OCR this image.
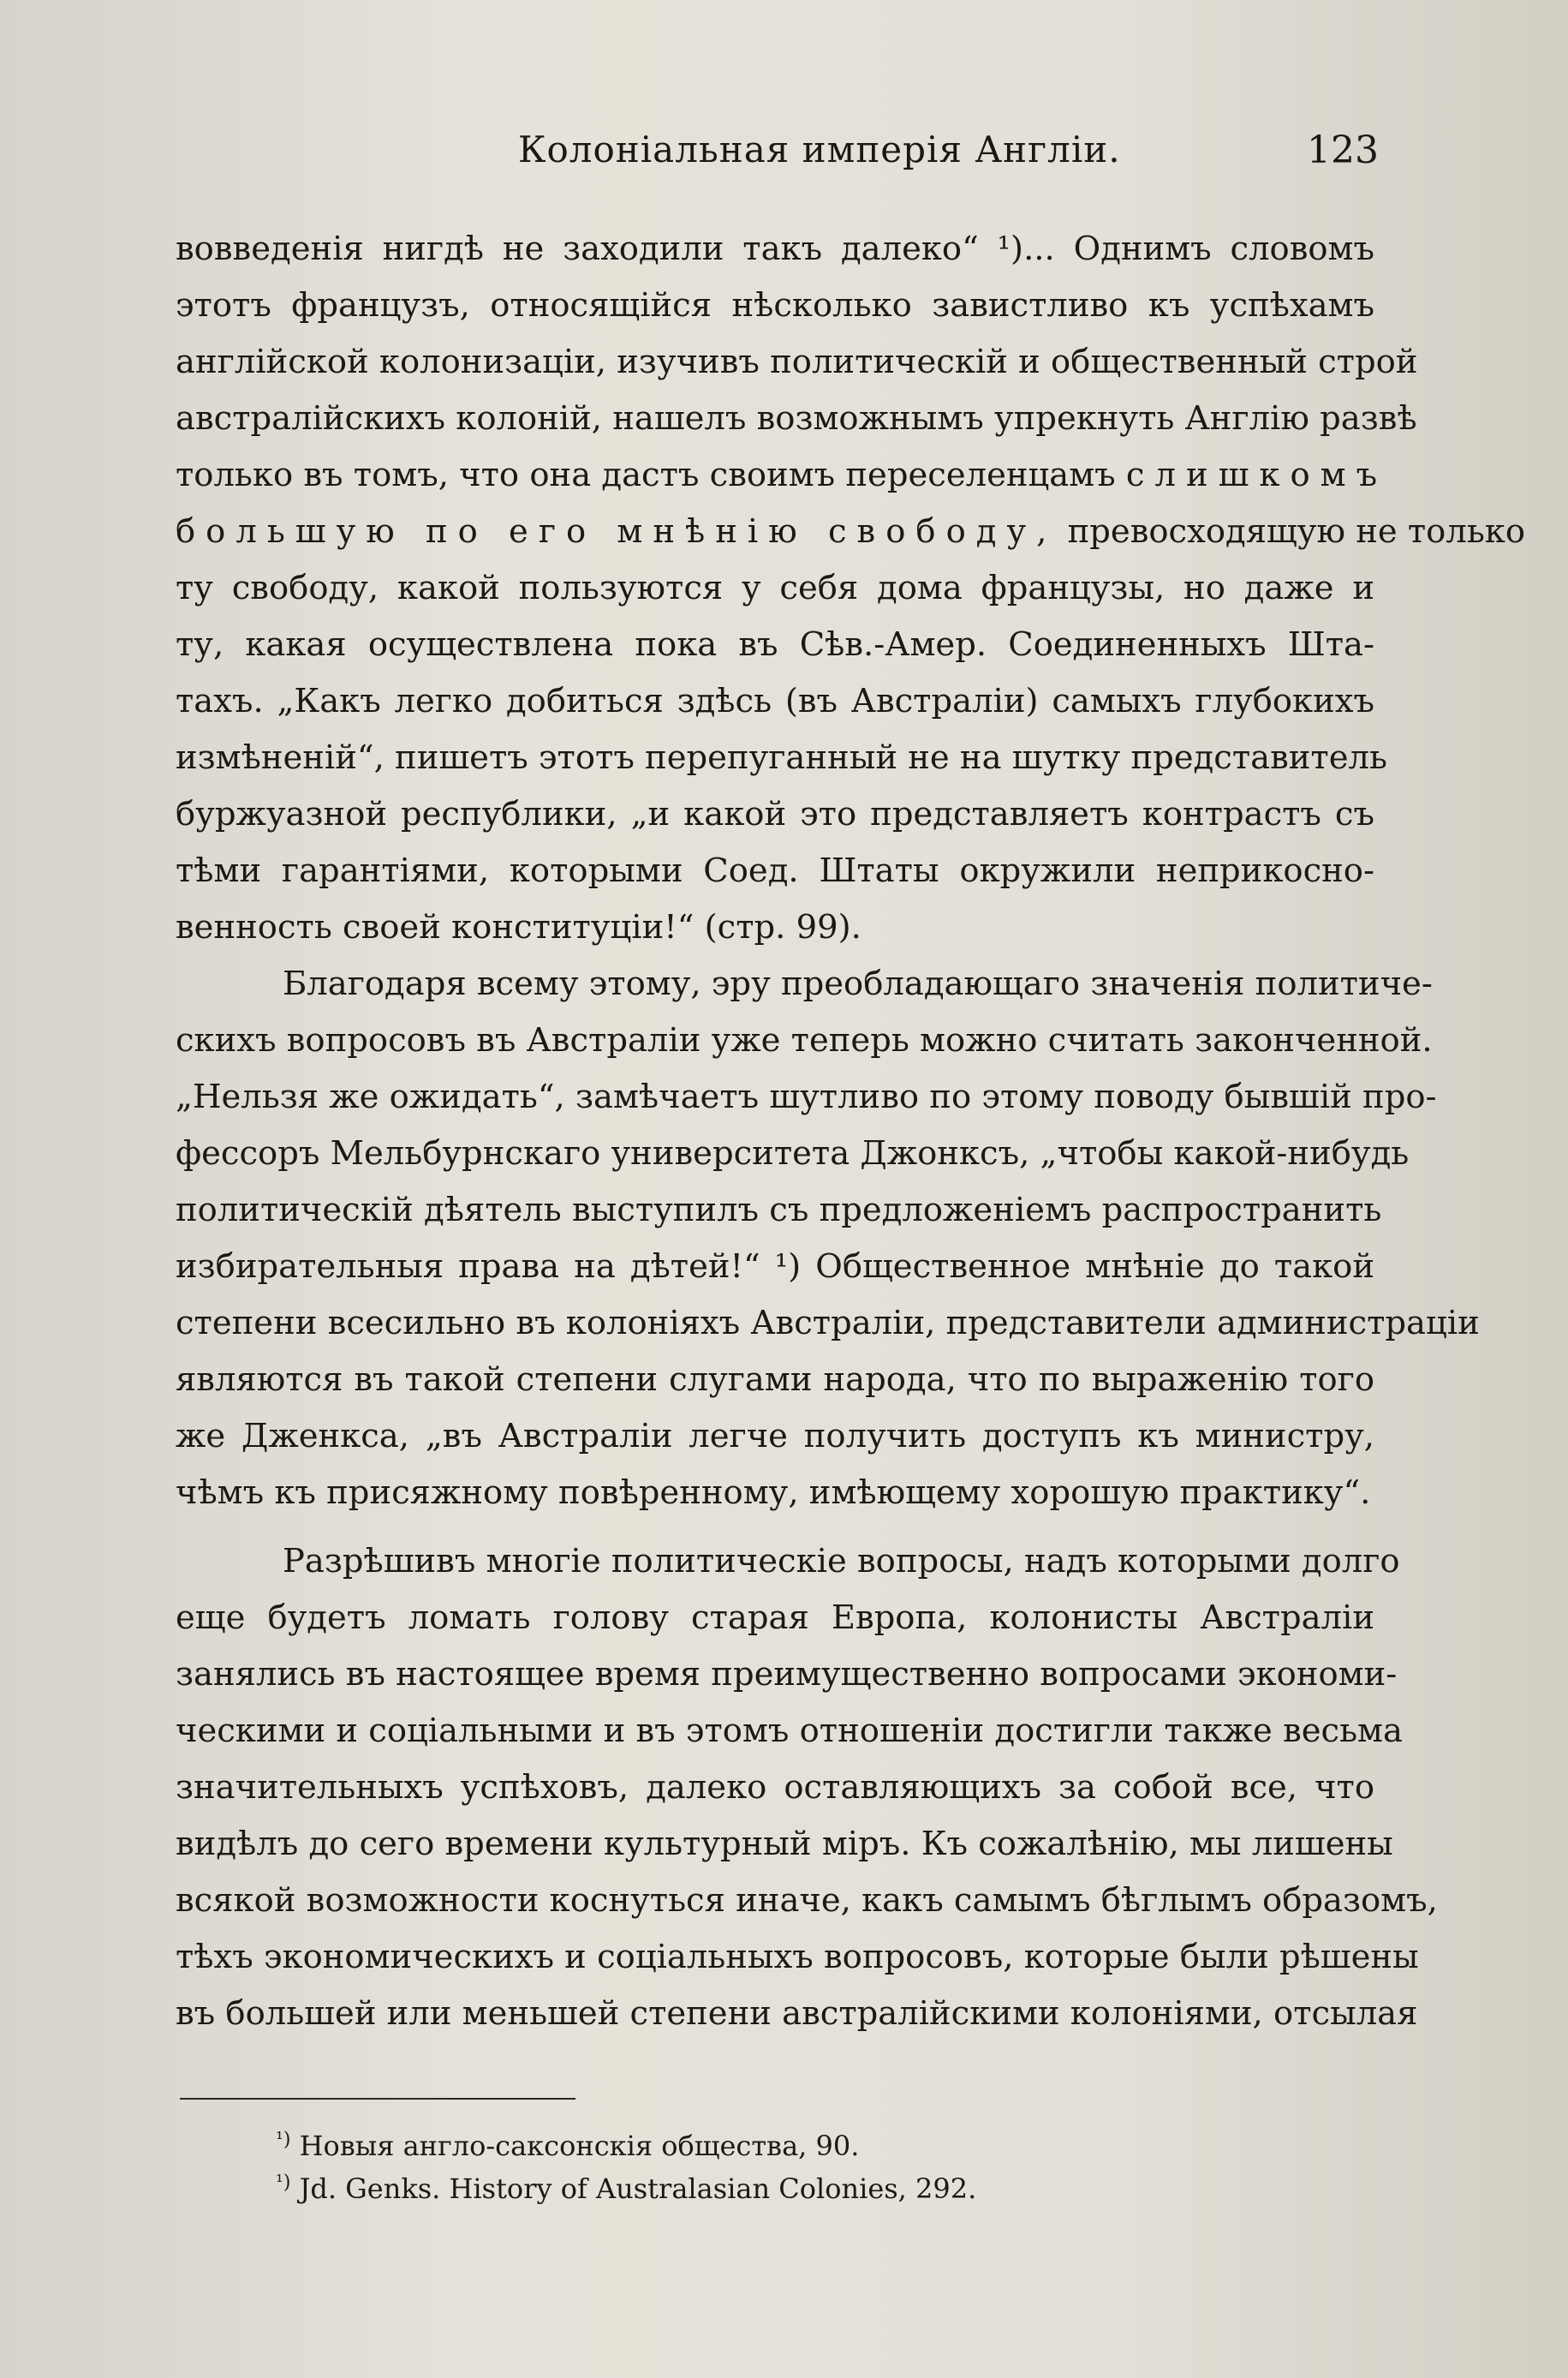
Колоніальная имперія Англіи.	123
вовведенія нигдѣ не заходили такъ далеко“ ¹)... Однимъ словомъ
этотъ французъ, относящійся нѣсколько завистливо къ успѣхамъ
англійской колонизаціи, изучивъ политическій и общественный строй
австралійскихъ колоній, нашелъ возможнымъ упрекнуть Англію развѣ
только въ томъ, что она дастъ своимъ переселенцамъ слишкомъ
большую по его мнѣнію свободу, превосходящую не только
ту свободу, какой пользуются у себя дома французы, но даже и
ту, какая осуществлена пока въ Сѣв.-Амер. Соединенныхъ Шта-
тахъ. „Какъ легко добиться здѣсь (въ Австраліи) самыхъ глубокихъ
измѣненій“, пишетъ этотъ перепуганный не на шутку представитель
буржуазной республики, „и какой это представляетъ контрастъ съ
тѣми гарантіями, которыми Соед. Штаты окружили неприкосно-
венность своей конституціи!“ (стр. 99).
Благодаря всему этому, эру преобладающаго значенія политиче-
скихъ вопросовъ въ Австраліи уже теперь можно считать законченной.
„Нельзя же ожидать“, замѣчаетъ шутливо по этому поводу бывшій про-
фессоръ Мельбурнскаго университета Джонксъ, „чтобы какой-нибудь
политическій дѣятель выступилъ съ предложеніемъ распространить
избирательныя права на дѣтей!“ ¹) Общественное мнѣніе до такой
степени всесильно въ колоніяхъ Австраліи, представители администраціи
являются въ такой степени слугами народа, что по выраженію того
же Дженкса, „въ Австраліи легче получить доступъ къ министру,
чѣмъ къ присяжному повѣренному, имѣющему хорошую практику“.
Разрѣшивъ многіе политическіе вопросы, надъ которыми долго
еще будетъ ломать голову старая Европа, колонисты Австраліи
занялись въ настоящее время преимущественно вопросами экономи-
ческими и соціальными и въ этомъ отношеніи достигли также весьма
значительныхъ успѣховъ, далеко оставляющихъ за собой все, что
видѣлъ до сего времени культурный міръ. Къ сожалѣнію, мы лишены
всякой возможности коснуться иначе, какъ самымъ бѣглымъ образомъ,
тѣхъ экономическихъ и соціальныхъ вопросовъ, которые были рѣшены
въ большей или меньшей степени австралійскими колоніями, отсылая
$^{^1)}$ Новыя англо-саксонскія общества, 90.
$^{^1)}$ Jd. Genks. History of Australasian Colonies, 292.
